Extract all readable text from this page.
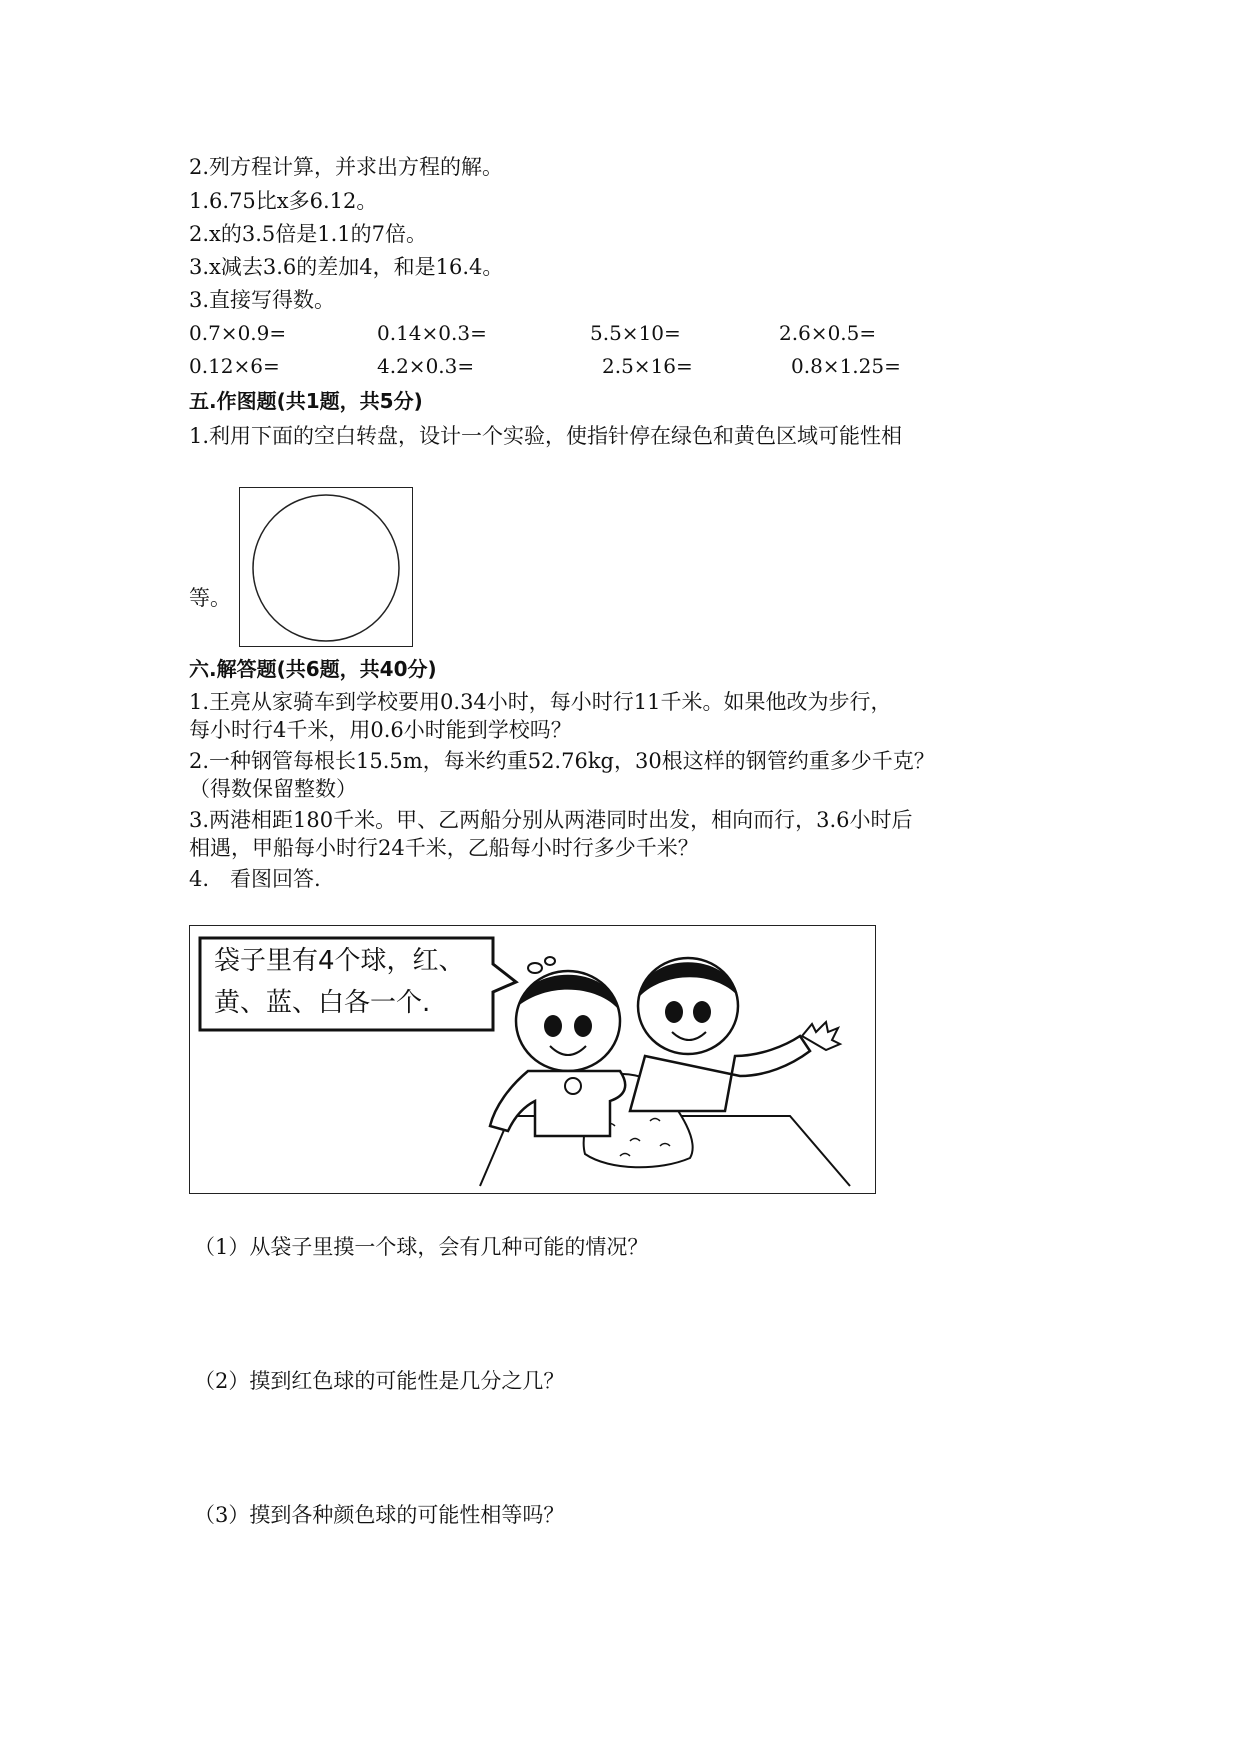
2.列方程计算，并求出方程的解。
1.6.75比x多6.12。
2.x的3.5倍是1.1的7倍。
3.x减去3.6的差加4，和是16.4。
3.直接写得数。
0.7×0.9=	0.14×0.3=	5.5×10=	2.6×0.5=
0.12×6=	4.2×0.3=	2.5×16=	0.8×1.25=
五.作图题(共1题，共5分)
1.利用下面的空白转盘，设计一个实验，使指针停在绿色和黄色区域可能性相
等。
六.解答题(共6题，共40分)
1.王亮从家骑车到学校要用0.34小时，每小时行11千米。如果他改为步行，
每小时行4千米，用0.6小时能到学校吗？
2.一种钢管每根长15.5m，每米约重52.76kg，30根这样的钢管约重多少千克？
（得数保留整数）
3.两港相距180千米。甲、乙两船分别从两港同时出发，相向而行，3.6小时后
相遇，甲船每小时行24千米，乙船每小时行多少千米？
4.　看图回答.
袋子里有4个球，红、
黄、蓝、白各一个.
（1）从袋子里摸一个球，会有几种可能的情况？
（2）摸到红色球的可能性是几分之几？
（3）摸到各种颜色球的可能性相等吗？
